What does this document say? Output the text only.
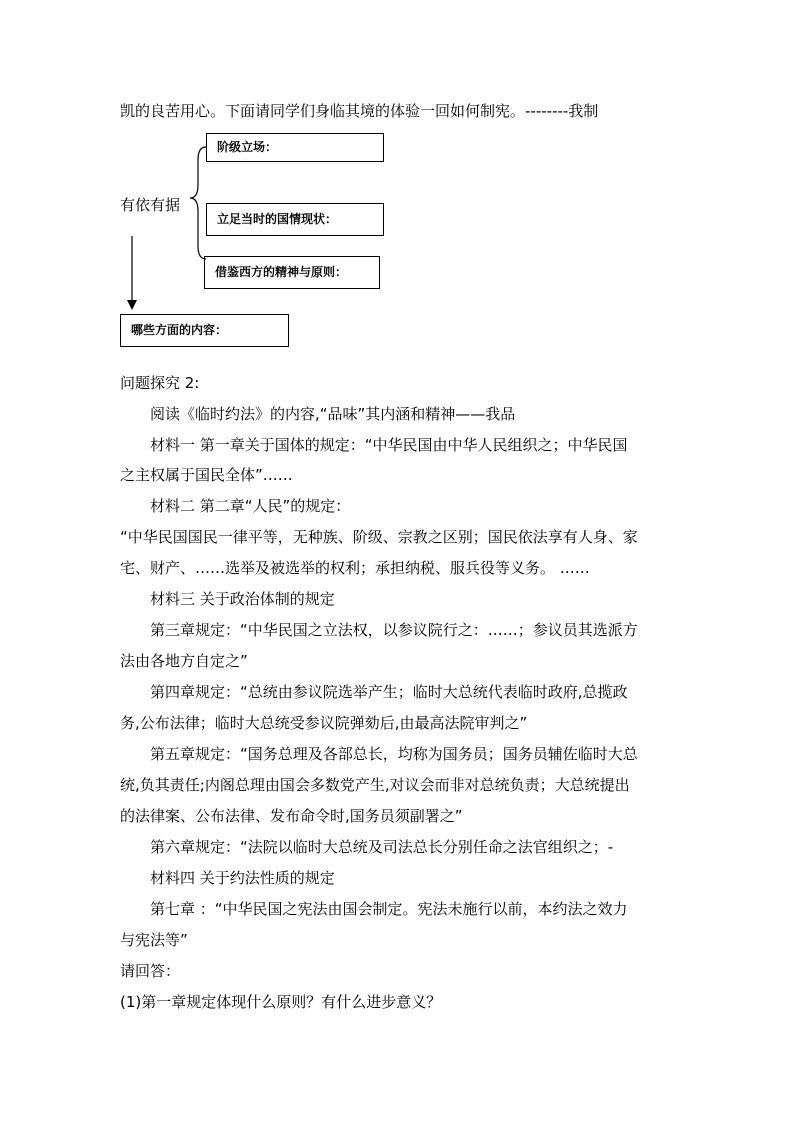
凯的良苦用心。下面请同学们身临其境的体验一回如何制宪。--------我制
有依有据
阶级立场：
立足当时的国情现状：
借鉴西方的精神与原则：
哪些方面的内容：
问题探究 2:
阅读《临时约法》的内容,“品味”其内涵和精神——我品
材料一 第一章关于国体的规定：“中华民国由中华人民组织之；中华民国
之主权属于国民全体”……
材料二 第二章“人民”的规定：
“中华民国国民一律平等，无种族、阶级、宗教之区别；国民依法享有人身、家
宅、财产、……选举及被选举的权利；承担纳税、服兵役等义务。 ……
材料三 关于政治体制的规定
第三章规定：“中华民国之立法权，以参议院行之：……；参议员其选派方
法由各地方自定之”
第四章规定：“总统由参议院选举产生；临时大总统代表临时政府,总揽政
务,公布法律；临时大总统受参议院弹劾后,由最高法院审判之”
第五章规定：“国务总理及各部总长，均称为国务员；国务员辅佐临时大总
统,负其责任;内阁总理由国会多数党产生,对议会而非对总统负责；大总统提出
的法律案、公布法律、发布命令时,国务员须副署之”
第六章规定：“法院以临时大总统及司法总长分别任命之法官组织之；-
材料四 关于约法性质的规定
第七章 ：“中华民国之宪法由国会制定。宪法未施行以前，本约法之效力
与宪法等”
请回答：
(1)第一章规定体现什么原则？有什么进步意义？
